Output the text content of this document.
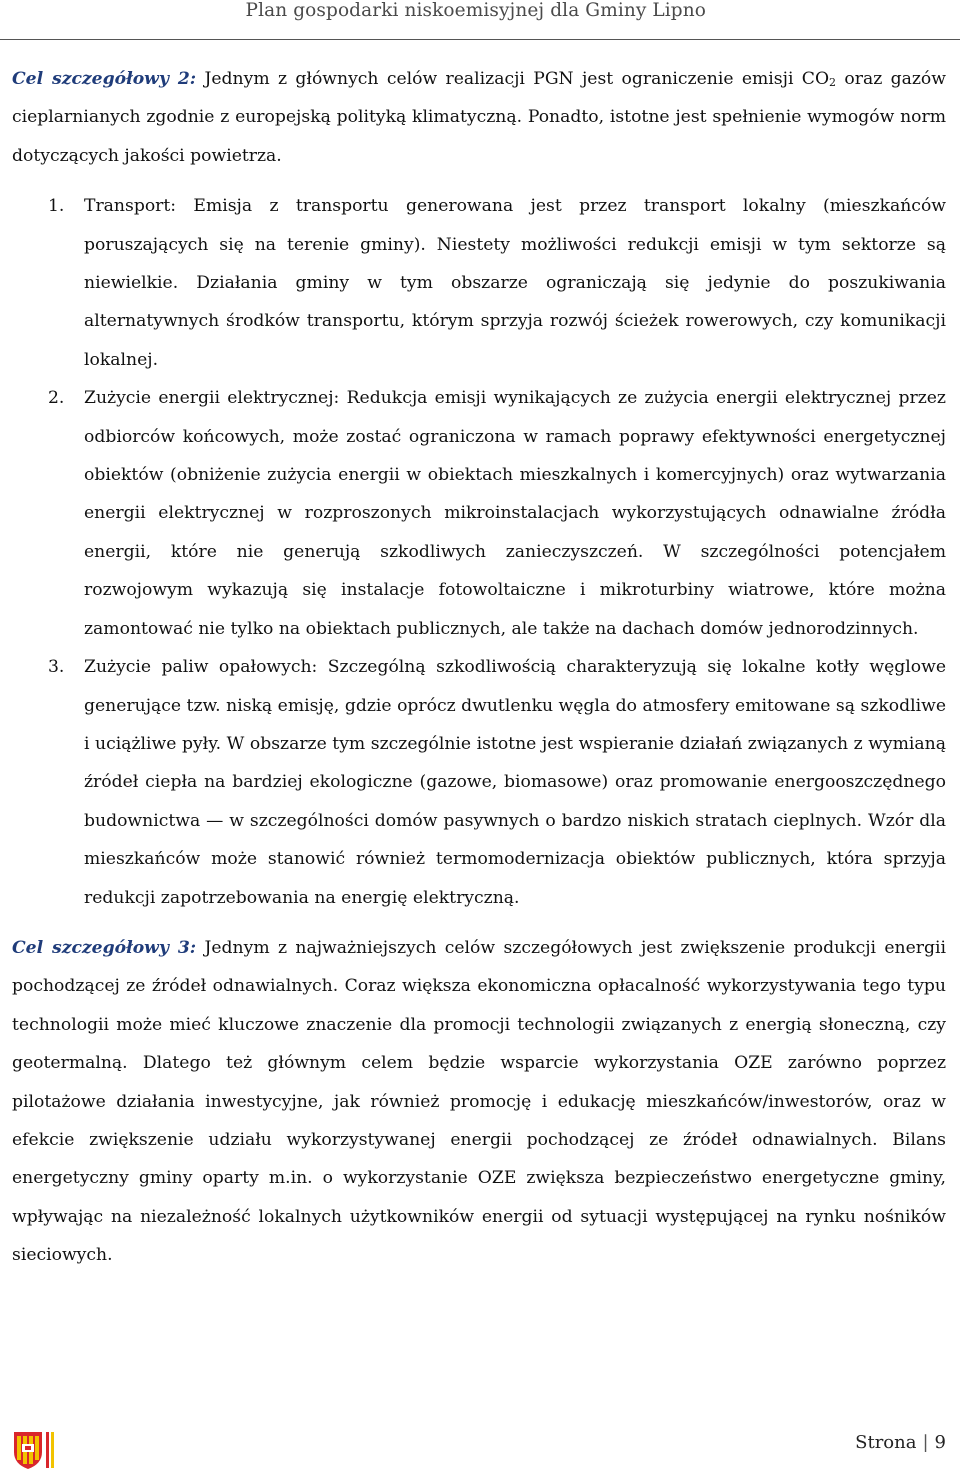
Plan gospodarki niskoemisyjnej dla Gminy Lipno

Cel szczegółowy 2: Jednym z głównych celów realizacji PGN jest ograniczenie emisji $CO_2$ oraz gazów cieplarnianych zgodnie z europejską polityką klimatyczną. Ponadto, istotne jest spełnienie wymogów norm dotyczących jakości powietrza.

1. Transport: Emisja z transportu generowana jest przez transport lokalny (mieszkańców poruszających się na terenie gminy). Niestety możliwości redukcji emisji w tym sektorze są niewielkie. Działania gminy w tym obszarze ograniczają się jedynie do poszukiwania alternatywnych środków transportu, którym sprzyja rozwój ścieżek rowerowych, czy komunikacji lokalnej.
2. Zużycie energii elektrycznej: Redukcja emisji wynikających ze zużycia energii elektrycznej przez odbiorców końcowych, może zostać ograniczona w ramach poprawy efektywności energetycznej obiektów (obniżenie zużycia energii w obiektach mieszkalnych i komercyjnych) oraz wytwarzania energii elektrycznej w rozproszonych mikroinstalacjach wykorzystujących odnawialne źródła energii, które nie generują szkodliwych zanieczyszczeń. W szczególności potencjałem rozwojowym wykazują się instalacje fotowoltaiczne i mikroturbiny wiatrowe, które można zamontować nie tylko na obiektach publicznych, ale także na dachach domów jednorodzinnych.
3. Zużycie paliw opałowych: Szczególną szkodliwością charakteryzują się lokalne kotły węglowe generujące tzw. niską emisję, gdzie oprócz dwutlenku węgla do atmosfery emitowane są szkodliwe i uciążliwe pyły. W obszarze tym szczególnie istotne jest wspieranie działań związanych z wymianą źródeł ciepła na bardziej ekologiczne (gazowe, biomasowe) oraz promowanie energooszczędnego budownictwa — w szczególności domów pasywnych o bardzo niskich stratach cieplnych. Wzór dla mieszkańców może stanowić również termomodernizacja obiektów publicznych, która sprzyja redukcji zapotrzebowania na energię elektryczną.

Cel szczegółowy 3: Jednym z najważniejszych celów szczegółowych jest zwiększenie produkcji energii pochodzącej ze źródeł odnawialnych. Coraz większa ekonomiczna opłacalność wykorzystywania tego typu technologii może mieć kluczowe znaczenie dla promocji technologii związanych z energią słoneczną, czy geotermalną. Dlatego też głównym celem będzie wsparcie wykorzystania OZE zarówno poprzez pilotażowe działania inwestycyjne, jak również promocję i edukację mieszkańców/inwestorów, oraz w efekcie zwiększenie udziału wykorzystywanej energii pochodzącej ze źródeł odnawialnych. Bilans energetyczny gminy oparty m.in. o wykorzystanie OZE zwiększa bezpieczeństwo energetyczne gminy, wpływając na niezależność lokalnych użytkowników energii od sytuacji występującej na rynku nośników sieciowych.

Strona | 9
